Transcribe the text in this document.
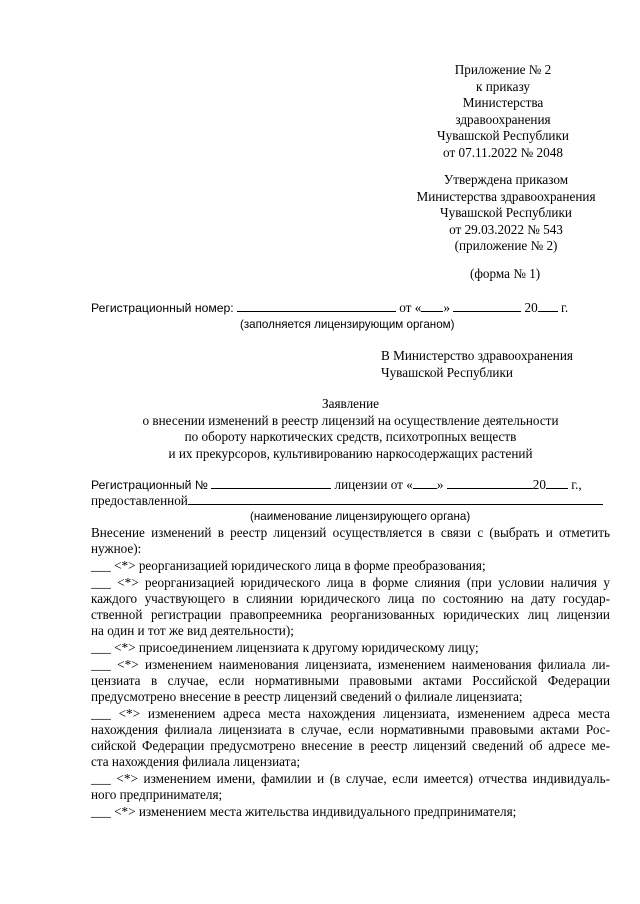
Приложение № 2
к приказу
Министерства
здравоохранения
Чувашской Республики
от 07.11.2022 № 2048
Утверждена приказом
Министерства здравоохранения
Чувашской Республики
от 29.03.2022 № 543
(приложение № 2)
(форма № 1)
Регистрационный номер:	от « »	20 г.
(заполняется лицензирующим органом)
В Министерство здравоохранения
Чувашской Республики
Заявление
о внесении изменений в реестр лицензий на осуществление деятельности
по обороту наркотических средств, психотропных веществ
и их прекурсоров, культивированию наркосодержащих растений
Регистрационный №	лицензии от « »	20 г.,
предоставленной
(наименование лицензирующего органа)
Внесение изменений в реестр лицензий осуществляется в связи с (выбрать и отметить
нужное):
___ <*> реорганизацией юридического лица в форме преобразования;
___ <*> реорганизацией юридического лица в форме слияния (при условии наличия у
каждого участвующего в слиянии юридического лица по состоянию на дату государ-
ственной регистрации правопреемника реорганизованных юридических лиц лицензии
на один и тот же вид деятельности);
___ <*> присоединением лицензиата к другому юридическому лицу;
___ <*> изменением наименования лицензиата, изменением наименования филиала ли-
цензиата в случае, если нормативными правовыми актами Российской Федерации
предусмотрено внесение в реестр лицензий сведений о филиале лицензиата;
___ <*> изменением адреса места нахождения лицензиата, изменением адреса места
нахождения филиала лицензиата в случае, если нормативными правовыми актами Рос-
сийской Федерации предусмотрено внесение в реестр лицензий сведений об адресе ме-
ста нахождения филиала лицензиата;
___ <*> изменением имени, фамилии и (в случае, если имеется) отчества индивидуаль-
ного предпринимателя;
___ <*> изменением места жительства индивидуального предпринимателя;
